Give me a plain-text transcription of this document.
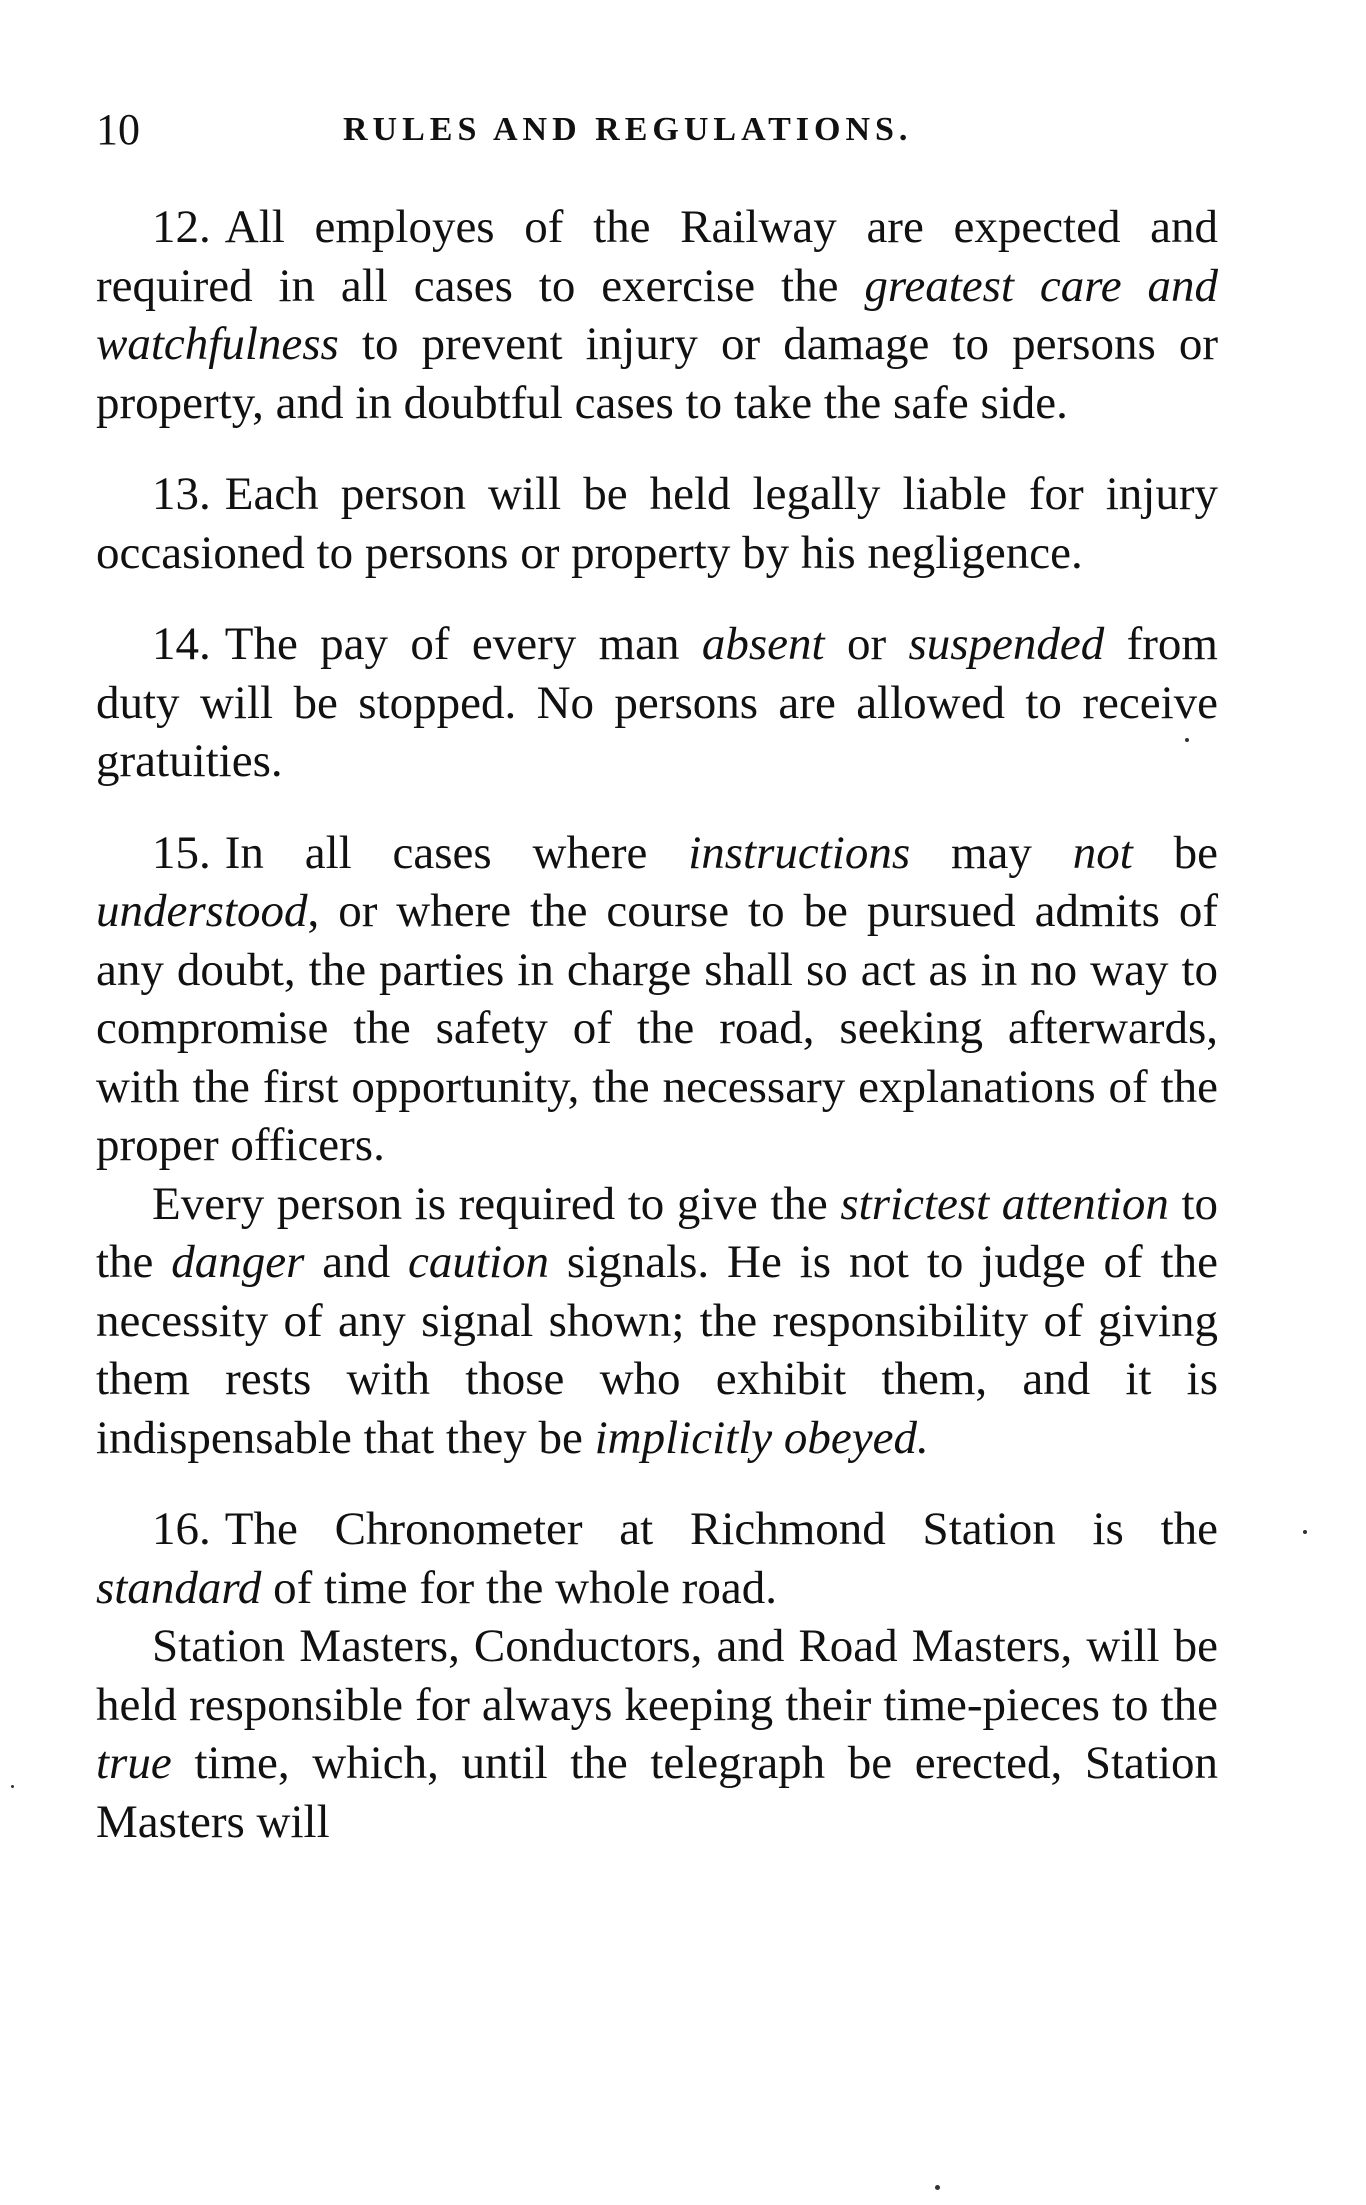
10	RULES AND REGULATIONS.

12. All employes of the Railway are expected and required in all cases to exercise the greatest care and watchfulness to prevent injury or damage to persons or property, and in doubtful cases to take the safe side.

13. Each person will be held legally liable for injury occasioned to persons or property by his negligence.

14. The pay of every man absent or suspended from duty will be stopped. No persons are allowed to receive gratuities.

15. In all cases where instructions may not be understood, or where the course to be pursued admits of any doubt, the parties in charge shall so act as in no way to compromise the safety of the road, seeking afterwards, with the first opportunity, the necessary explanations of the proper officers.

Every person is required to give the strictest attention to the danger and caution signals. He is not to judge of the necessity of any signal shown; the responsibility of giving them rests with those who exhibit them, and it is indispensable that they be implicitly obeyed.

16. The Chronometer at Richmond Station is the standard of time for the whole road.

Station Masters, Conductors, and Road Masters, will be held responsible for always keeping their time-pieces to the true time, which, until the telegraph be erected, Station Masters will
